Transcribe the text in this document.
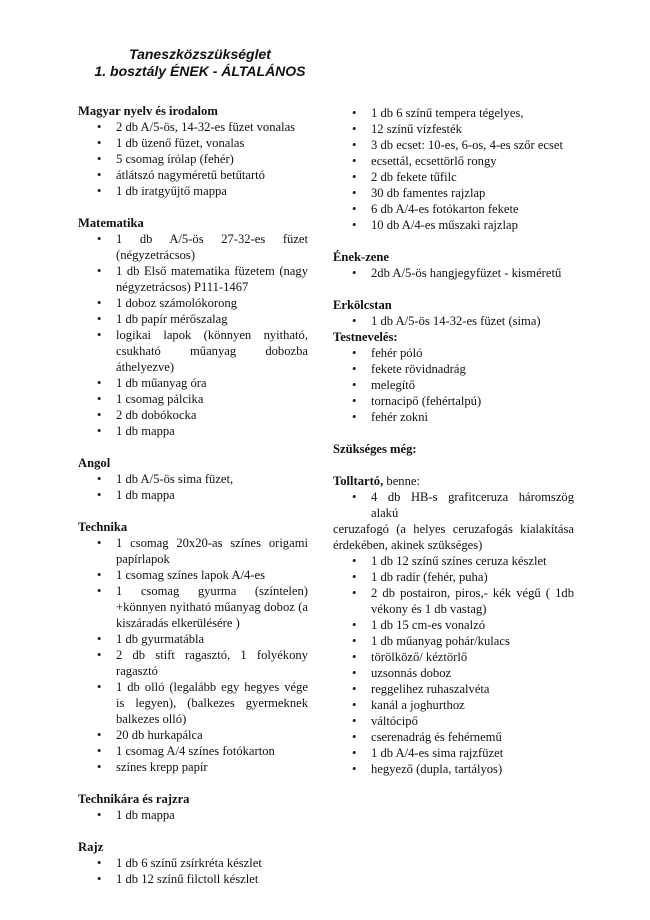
Taneszközszükséglet
1. bosztály ÉNEK - ÁLTALÁNOS

Magyar nyelv és irodalom

• 2 db A/5-ös, 14-32-es füzet vonalas
• 1 db üzenő füzet, vonalas
• 5 csomag írólap (fehér)
• átlátszó nagyméretű betűtartó
• 1 db iratgyűjtő mappa

Matematika

• 1 db A/5-ös 27-32-es füzet (négyzetrácsos)
• 1 db Első matematika füzetem (nagy négyzetrácsos) P111-1467
• 1 doboz számolókorong
• 1 db papír mérőszalag
• logikai lapok (könnyen nyitható, csukható műanyag dobozba áthelyezve)
• 1 db műanyag óra
• 1 csomag pálcika
• 2 db dobókocka
• 1 db mappa

Angol

• 1 db A/5-ös sima füzet,
• 1 db mappa

Technika

• 1 csomag 20x20-as színes origami papírlapok
• 1 csomag színes lapok A/4-es
• 1 csomag gyurma (színtelen) +könnyen nyitható műanyag doboz (a kiszáradás elkerülésére )
• 1 db gyurmatábla
• 2 db stift ragasztó, 1 folyékony ragasztó
• 1 db olló (legalább egy hegyes vége is legyen), (balkezes gyermeknek balkezes olló)
• 20 db hurkapálca
• 1 csomag A/4 színes fotókarton
• színes krepp papír

Technikára és rajzra

• 1 db mappa

Rajz

• 1 db 6 színű zsírkréta készlet
• 1 db 12 színű filctoll készlet
• 1 db 6 színű tempera tégelyes,
• 12 színű vízfesték
• 3 db ecset: 10-es, 6-os, 4-es szőr ecset
• ecsettál, ecsettörlő rongy
• 2 db fekete tűfilc
• 30 db famentes rajzlap
• 6 db A/4-es fotókarton fekete
• 10 db A/4-es műszaki rajzlap

Ének-zene

• 2db A/5-ös hangjegyfüzet - kisméretű

Erkölcstan

• 1 db A/5-ös 14-32-es füzet (sima)

Testnevelés:

• fehér póló
• fekete rövidnadrág
• melegítő
• tornacipő (fehértalpú)
• fehér zokni

Szükséges még:

Tolltartó, benne:

• 4 db HB-s grafitceruza háromszög alakú

ceruzafogó (a helyes ceruzafogás kialakítása érdekében, akinek szükséges)

• 1 db 12 színű színes ceruza készlet
• 1 db radír (fehér, puha)
• 2 db postairon, piros,- kék végű ( 1db vékony és 1 db vastag)
• 1 db 15 cm-es vonalzó
• 1 db műanyag pohár/kulacs
• törölköző/ kéztörlő
• uzsonnás doboz
• reggelihez ruhaszalvéta
• kanál a joghurthoz
• váltócipő
• cserenadrág és fehérnemű
• 1 db A/4-es sima rajzfüzet
• hegyező (dupla, tartályos)
